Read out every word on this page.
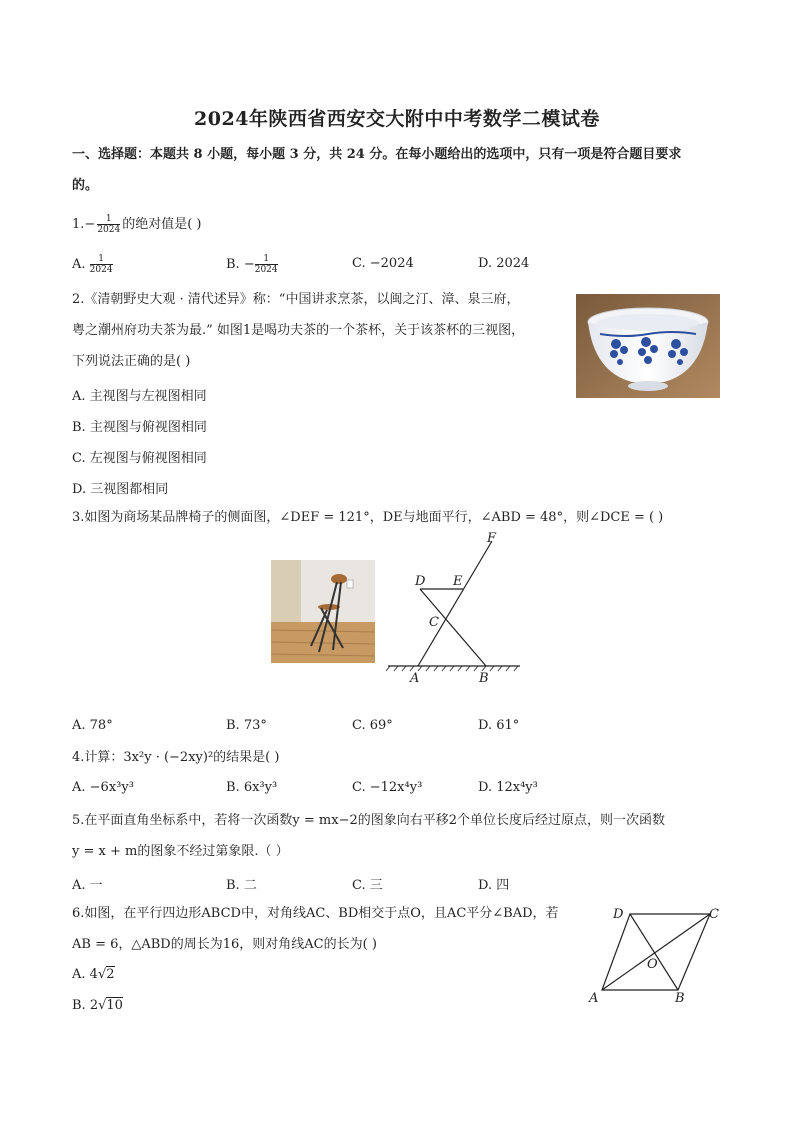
2024年陕西省西安交大附中中考数学二模试卷
一、选择题：本题共 8 小题，每小题 3 分，共 24 分。在每小题给出的选项中，只有一项是符合题目要求
的。
$1.- \frac{1}{2024}$ 的绝对值是( )
A. $\frac{1}{2024}$	B. − $\frac{1}{2024}$	C. −2024	D. 2024
2.《清朝野史大观 · 清代述异》称：“中国讲求烹茶，以闽之汀、漳、泉三府，
粤之潮州府功夫茶为最.” 如图1是喝功夫茶的一个茶杯，关于该茶杯的三视图，
下列说法正确的是( )
A. 主视图与左视图相同
B. 主视图与俯视图相同
C. 左视图与俯视图相同
D. 三视图都相同
3.如图为商场某品牌椅子的侧面图，∠DEF = 121°，DE与地面平行，∠ABD = 48°，则∠DCE = ( )
F
D E
C
A	B
A. 78°	B. 73°	C. 69°	D. 61°
4.计算：3x²y · (−2xy)²的结果是( )
A. −6x³y³	B. 6x³y³	C. −12x⁴y³	D. 12x⁴y³
5.在平面直角坐标系中，若将一次函数y = mx−2的图象向右平移2个单位长度后经过原点，则一次函数
y = x + m的图象不经过第象限.（ ）
A. 一	B. 二	C. 三	D. 四
6.如图，在平行四边形ABCD中，对角线AC、BD相交于点O，且AC平分∠BAD，若
AB = 6，△ABD的周长为16，则对角线AC的长为( )
A. 4√2
B. 2√10
D	C
O
A	B
